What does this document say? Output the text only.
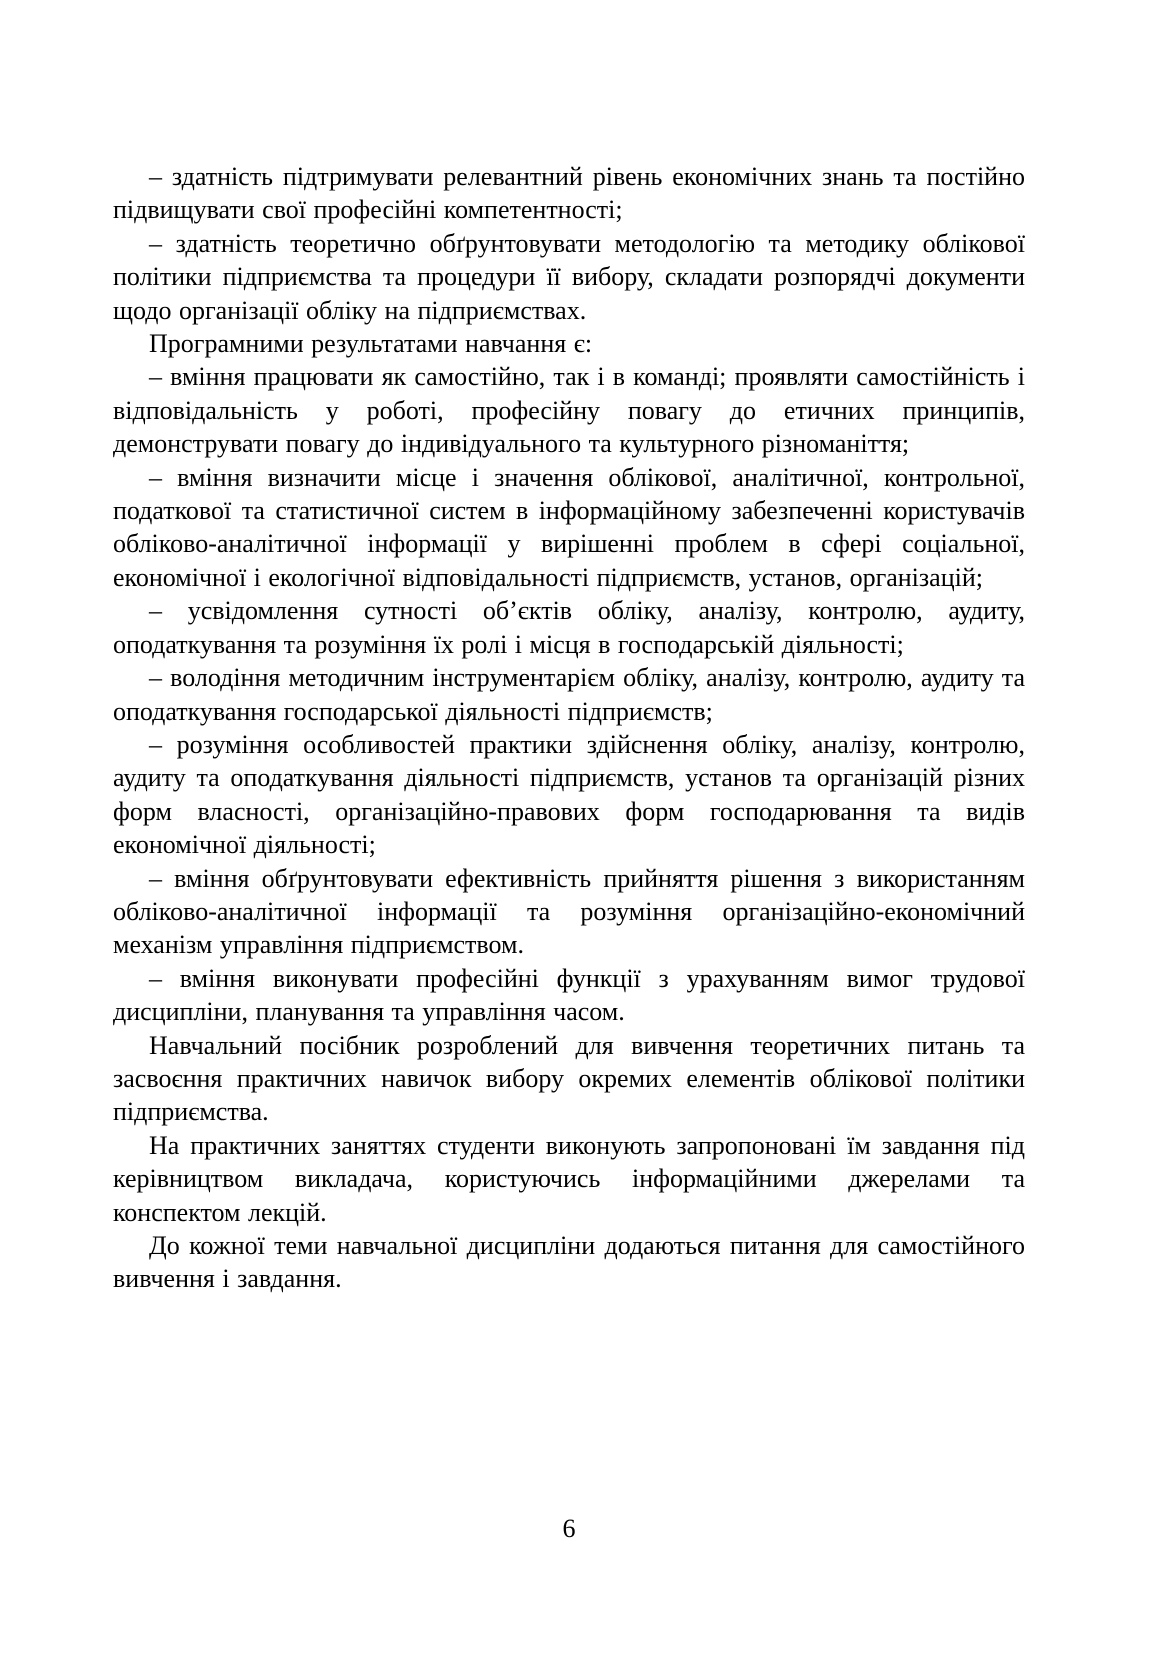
– здатність підтримувати релевантний рівень економічних знань та постійно підвищувати свої професійні компетентності;

– здатність теоретично обґрунтовувати методологію та методику облікової політики підприємства та процедури її вибору, складати розпорядчі документи щодо організації обліку на підприємствах.

Програмними результатами навчання є:

– вміння працювати як самостійно, так і в команді; проявляти самостійність і відповідальність у роботі, професійну повагу до етичних принципів, демонструвати повагу до індивідуального та культурного різноманіття;

– вміння визначити місце і значення облікової, аналітичної, контрольної, податкової та статистичної систем в інформаційному забезпеченні користувачів обліково-аналітичної інформації у вирішенні проблем в сфері соціальної, економічної і екологічної відповідальності підприємств, установ, організацій;

– усвідомлення сутності об’єктів обліку, аналізу, контролю, аудиту, оподаткування та розуміння їх ролі і місця в господарській діяльності;

– володіння методичним інструментарієм обліку, аналізу, контролю, аудиту та оподаткування господарської діяльності підприємств;

– розуміння особливостей практики здійснення обліку, аналізу, контролю, аудиту та оподаткування діяльності підприємств, установ та організацій різних форм власності, організаційно-правових форм господарювання та видів економічної діяльності;

– вміння обґрунтовувати ефективність прийняття рішення з використанням обліково-аналітичної інформації та розуміння організаційно-економічний механізм управління підприємством.

– вміння виконувати професійні функції з урахуванням вимог трудової дисципліни, планування та управління часом.

Навчальний посібник розроблений для вивчення теоретичних питань та засвоєння практичних навичок вибору окремих елементів облікової політики підприємства.

На практичних заняттях студенти виконують запропоновані їм завдання під керівництвом викладача, користуючись інформаційними джерелами та конспектом лекцій.

До кожної теми навчальної дисципліни додаються питання для самостійного вивчення і завдання.

6
